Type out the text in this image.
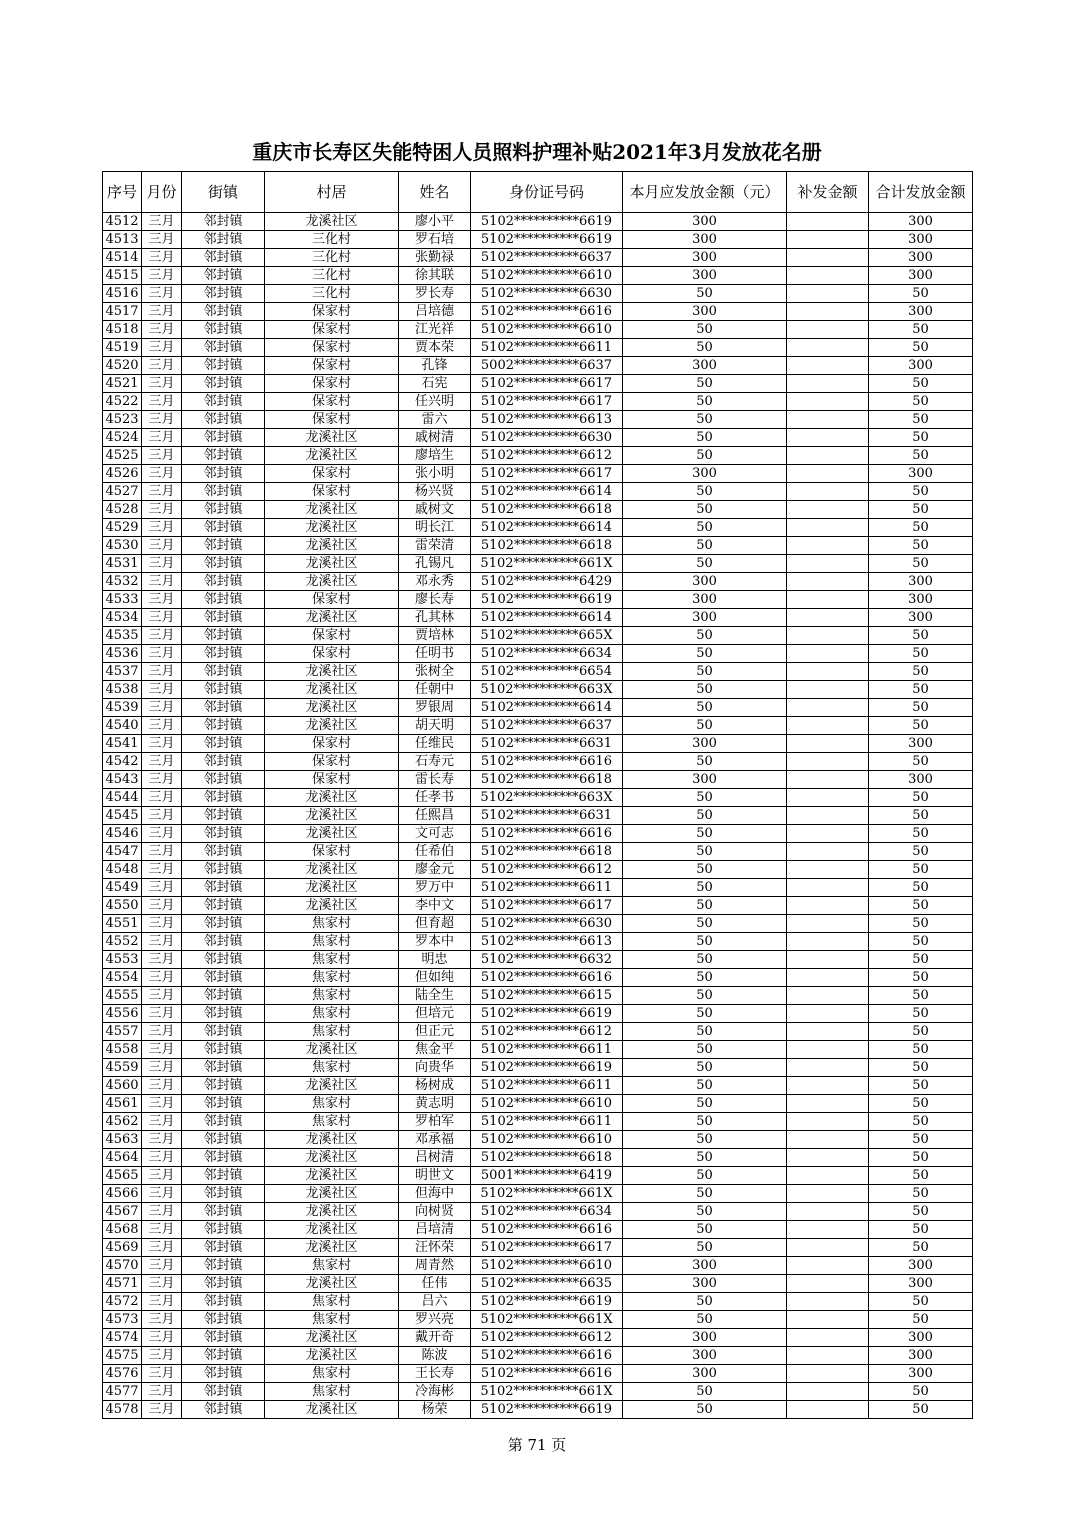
重庆市长寿区失能特困人员照料护理补贴2021年3月发放花名册
序号	月份	街镇	村居	姓名	身份证号码	本月应发放金额（元）	补发金额	合计发放金额
4512	三月	邻封镇	龙溪社区	廖小平	5102**********6619	300		300
4513	三月	邻封镇	三化村	罗石培	5102**********6619	300		300
4514	三月	邻封镇	三化村	张勤禄	5102**********6637	300		300
4515	三月	邻封镇	三化村	徐其联	5102**********6610	300		300
4516	三月	邻封镇	三化村	罗长寿	5102**********6630	50		50
4517	三月	邻封镇	保家村	吕培德	5102**********6616	300		300
4518	三月	邻封镇	保家村	江光祥	5102**********6610	50		50
4519	三月	邻封镇	保家村	贾本荣	5102**********6611	50		50
4520	三月	邻封镇	保家村	孔锋	5002**********6637	300		300
4521	三月	邻封镇	保家村	石宪	5102**********6617	50		50
4522	三月	邻封镇	保家村	任兴明	5102**********6617	50		50
4523	三月	邻封镇	保家村	雷六	5102**********6613	50		50
4524	三月	邻封镇	龙溪社区	戚树清	5102**********6630	50		50
4525	三月	邻封镇	龙溪社区	廖培生	5102**********6612	50		50
4526	三月	邻封镇	保家村	张小明	5102**********6617	300		300
4527	三月	邻封镇	保家村	杨兴贤	5102**********6614	50		50
4528	三月	邻封镇	龙溪社区	戚树文	5102**********6618	50		50
4529	三月	邻封镇	龙溪社区	明长江	5102**********6614	50		50
4530	三月	邻封镇	龙溪社区	雷荣清	5102**********6618	50		50
4531	三月	邻封镇	龙溪社区	孔锡凡	5102**********661X	50		50
4532	三月	邻封镇	龙溪社区	邓永秀	5102**********6429	300		300
4533	三月	邻封镇	保家村	廖长寿	5102**********6619	300		300
4534	三月	邻封镇	龙溪社区	孔其林	5102**********6614	300		300
4535	三月	邻封镇	保家村	贾培林	5102**********665X	50		50
4536	三月	邻封镇	保家村	任明书	5102**********6634	50		50
4537	三月	邻封镇	龙溪社区	张树全	5102**********6654	50		50
4538	三月	邻封镇	龙溪社区	任朝中	5102**********663X	50		50
4539	三月	邻封镇	龙溪社区	罗银周	5102**********6614	50		50
4540	三月	邻封镇	龙溪社区	胡天明	5102**********6637	50		50
4541	三月	邻封镇	保家村	任维民	5102**********6631	300		300
4542	三月	邻封镇	保家村	石寿元	5102**********6616	50		50
4543	三月	邻封镇	保家村	雷长寿	5102**********6618	300		300
4544	三月	邻封镇	龙溪社区	任孝书	5102**********663X	50		50
4545	三月	邻封镇	龙溪社区	任熙昌	5102**********6631	50		50
4546	三月	邻封镇	龙溪社区	文可志	5102**********6616	50		50
4547	三月	邻封镇	保家村	任希伯	5102**********6618	50		50
4548	三月	邻封镇	龙溪社区	廖金元	5102**********6612	50		50
4549	三月	邻封镇	龙溪社区	罗万中	5102**********6611	50		50
4550	三月	邻封镇	龙溪社区	李中文	5102**********6617	50		50
4551	三月	邻封镇	焦家村	但育超	5102**********6630	50		50
4552	三月	邻封镇	焦家村	罗本中	5102**********6613	50		50
4553	三月	邻封镇	焦家村	明忠	5102**********6632	50		50
4554	三月	邻封镇	焦家村	但如纯	5102**********6616	50		50
4555	三月	邻封镇	焦家村	陆全生	5102**********6615	50		50
4556	三月	邻封镇	焦家村	但培元	5102**********6619	50		50
4557	三月	邻封镇	焦家村	但正元	5102**********6612	50		50
4558	三月	邻封镇	龙溪社区	焦金平	5102**********6611	50		50
4559	三月	邻封镇	焦家村	向贵华	5102**********6619	50		50
4560	三月	邻封镇	龙溪社区	杨树成	5102**********6611	50		50
4561	三月	邻封镇	焦家村	黄志明	5102**********6610	50		50
4562	三月	邻封镇	焦家村	罗柏军	5102**********6611	50		50
4563	三月	邻封镇	龙溪社区	邓承福	5102**********6610	50		50
4564	三月	邻封镇	龙溪社区	吕树清	5102**********6618	50		50
4565	三月	邻封镇	龙溪社区	明世文	5001**********6419	50		50
4566	三月	邻封镇	龙溪社区	但海中	5102**********661X	50		50
4567	三月	邻封镇	龙溪社区	向树贤	5102**********6634	50		50
4568	三月	邻封镇	龙溪社区	吕培清	5102**********6616	50		50
4569	三月	邻封镇	龙溪社区	汪怀荣	5102**********6617	50		50
4570	三月	邻封镇	焦家村	周青然	5102**********6610	300		300
4571	三月	邻封镇	龙溪社区	任伟	5102**********6635	300		300
4572	三月	邻封镇	焦家村	吕六	5102**********6619	50		50
4573	三月	邻封镇	焦家村	罗兴亮	5102**********661X	50		50
4574	三月	邻封镇	龙溪社区	戴开奇	5102**********6612	300		300
4575	三月	邻封镇	龙溪社区	陈波	5102**********6616	300		300
4576	三月	邻封镇	焦家村	王长寿	5102**********6616	300		300
4577	三月	邻封镇	焦家村	冷海彬	5102**********661X	50		50
4578	三月	邻封镇	龙溪社区	杨荣	5102**********6619	50		50
第 71 页
